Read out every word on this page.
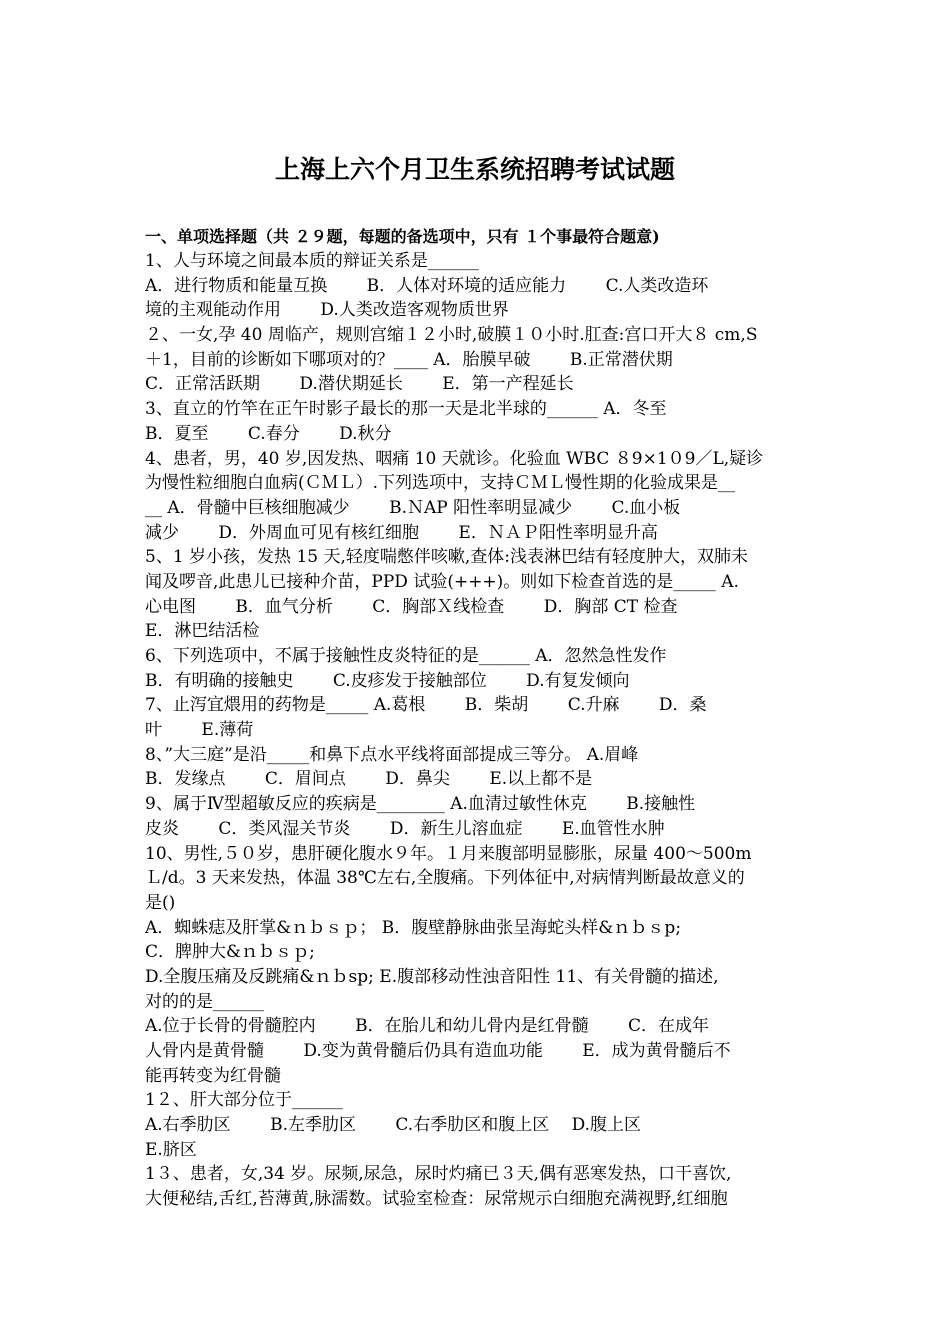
上海上六个月卫生系统招聘考试试题
一、单项选择题（共 ２９题，每题的备选项中，只有 １个事最符合题意)
1、人与环境之间最本质的辩证关系是______
A．进行物质和能量互换 　　B．人体对环境的适应能力 　　C.人类改造环
境的主观能动作用 　　D.人类改造客观物质世界
２、一女,孕 40 周临产，规则宫缩１２小时,破膜１０小时.肛查:宫口开大８ cm,S
＋1，目前的诊断如下哪项对的？____ A．胎膜早破 　　B.正常潜伏期
C．正常活跃期 　　D.潜伏期延长 　　E．第一产程延长
3、直立的竹竿在正午时影子最长的那一天是北半球的______ A．冬至
B．夏至 　　C.春分 　　D.秋分
4、患者，男，40 岁,因发热、咽痛 10 天就诊。化验血 WBC ８9×1０9／L,疑诊
为慢性粒细胞白血病(ＣＭＬ）.下列选项中，支持ＣＭＬ慢性期的化验成果是__
__ A．骨髓中巨核细胞减少 　　B.ＮAP 阳性率明显减少 　　C.血小板
减少 　　D．外周血可见有核红细胞 　　E．ＮＡＰ阳性率明显升高
5、1 岁小孩，发热 15 天,轻度喘憋伴咳嗽,查体:浅表淋巴结有轻度肿大，双肺未
闻及啰音,此患儿已接种介苗，PPD 试验(+++)。则如下检查首选的是_____ A.
心电图 　　B．血气分析 　　C．胸部Ｘ线检查 　　D．胸部 CT 检查
E．淋巴结活检
6、下列选项中，不属于接触性皮炎特征的是______ A．忽然急性发作
B．有明确的接触史 　　C.皮疹发于接触部位 　　D.有复发倾向
7、止泻宜煨用的药物是_____ A.葛根 　　B．柴胡 　　C.升麻 　　D．桑
叶 　　E.薄荷
8、”大三庭”是沿_____和鼻下点水平线将面部提成三等分。 A.眉峰
B．发缘点 　　C．眉间点 　　D．鼻尖 　　E.以上都不是
9、属于Ⅳ型超敏反应的疾病是________ A.血清过敏性休克 　　B.接触性
皮炎 　　C．类风湿关节炎 　　D．新生儿溶血症 　　E.血管性水肿
10、男性,５０岁，患肝硬化腹水９年。１月来腹部明显膨胀，尿量 400～500m
Ｌ/d。3 天来发热，体温 38℃左右,全腹痛。下列体征中,对病情判断最故意义的
是()
A．蜘蛛痣及肝掌&ｎｂｓｐ； B．腹壁静脉曲张呈海蛇头样&ｎｂｓp;
C．脾肿大&ｎｂｓｐ;
D.全腹压痛及反跳痛&ｎｂsp; E.腹部移动性浊音阳性 11、有关骨髓的描述,
对的的是______
A.位于长骨的骨髓腔内 　　B．在胎儿和幼儿骨内是红骨髓 　　C．在成年
人骨内是黄骨髓 　　D.变为黄骨髓后仍具有造血功能 　　E．成为黄骨髓后不
能再转变为红骨髓
1２、肝大部分位于______
A.右季肋区 　　B.左季肋区 　　C.右季肋区和腹上区 　D.腹上区
E.脐区
1３、患者，女,34 岁。尿频,尿急，尿时灼痛已３天,偶有恶寒发热，口干喜饮,
大便秘结,舌红,苔薄黄,脉濡数。试验室检查：尿常规示白细胞充满视野,红细胞
